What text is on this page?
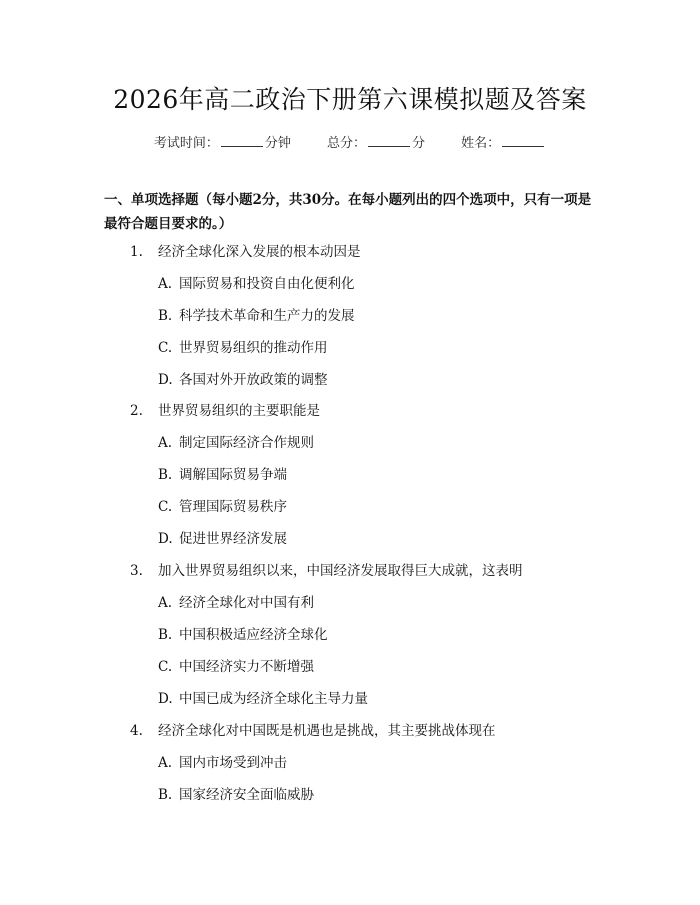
2026年高二政治下册第六课模拟题及答案
考试时间：	分钟	总分：	分	姓名：

一、单项选择题（每小题2分，共30分。在每小题列出的四个选项中，只有一项是最符合题目要求的。）

1. 经济全球化深入发展的根本动因是
A. 国际贸易和投资自由化便利化
B. 科学技术革命和生产力的发展
C. 世界贸易组织的推动作用
D. 各国对外开放政策的调整
2. 世界贸易组织的主要职能是
A. 制定国际经济合作规则
B. 调解国际贸易争端
C. 管理国际贸易秩序
D. 促进世界经济发展
3. 加入世界贸易组织以来，中国经济发展取得巨大成就，这表明
A. 经济全球化对中国有利
B. 中国积极适应经济全球化
C. 中国经济实力不断增强
D. 中国已成为经济全球化主导力量
4. 经济全球化对中国既是机遇也是挑战，其主要挑战体现在
A. 国内市场受到冲击
B. 国家经济安全面临威胁
